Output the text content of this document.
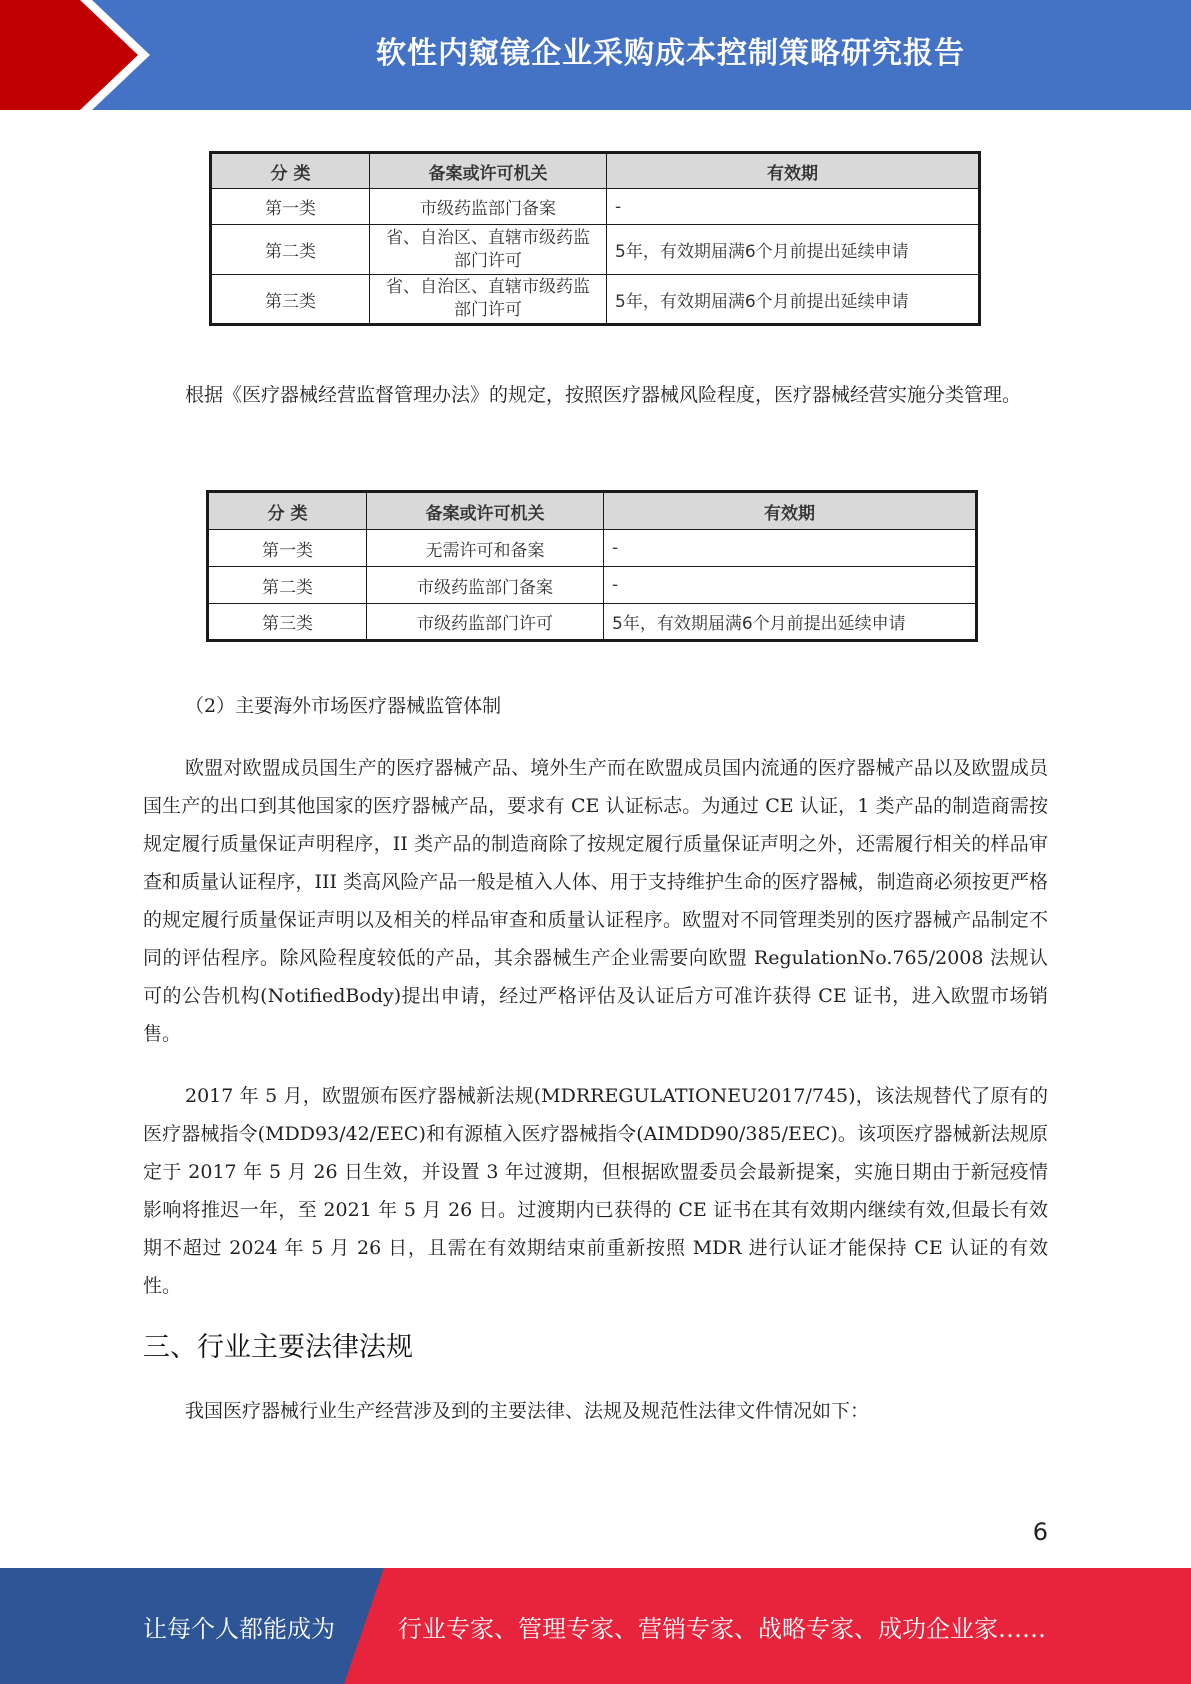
软性内窥镜企业采购成本控制策略研究报告
分 类	备案或许可机关	有效期
第一类	市级药监部门备案	-
第二类	省、自治区、直辖市级药监部门许可	5年，有效期届满6个月前提出延续申请
第三类	省、自治区、直辖市级药监部门许可	5年，有效期届满6个月前提出延续申请

根据《医疗器械经营监督管理办法》的规定，按照医疗器械风险程度，医疗器械经营实施分类管理。

分 类	备案或许可机关	有效期
第一类	无需许可和备案	-
第二类	市级药监部门备案	-
第三类	市级药监部门许可	5年，有效期届满6个月前提出延续申请

（2）主要海外市场医疗器械监管体制

欧盟对欧盟成员国生产的医疗器械产品、境外生产而在欧盟成员国内流通的医疗器械产品以及欧盟成员国生产的出口到其他国家的医疗器械产品，要求有 CE 认证标志。为通过 CE 认证，1 类产品的制造商需按规定履行质量保证声明程序，II 类产品的制造商除了按规定履行质量保证声明之外，还需履行相关的样品审查和质量认证程序，III 类高风险产品一般是植入人体、用于支持维护生命的医疗器械，制造商必须按更严格的规定履行质量保证声明以及相关的样品审查和质量认证程序。欧盟对不同管理类别的医疗器械产品制定不同的评估程序。除风险程度较低的产品，其余器械生产企业需要向欧盟 RegulationNo.765/2008 法规认可的公告机构(NotifiedBody)提出申请，经过严格评估及认证后方可准许获得 CE 证书，进入欧盟市场销售。

2017 年 5 月，欧盟颁布医疗器械新法规(MDRREGULATIONEU2017/745)，该法规替代了原有的医疗器械指令(MDD93/42/EEC)和有源植入医疗器械指令(AIMDD90/385/EEC)。该项医疗器械新法规原定于 2017 年 5 月 26 日生效，并设置 3 年过渡期，但根据欧盟委员会最新提案，实施日期由于新冠疫情影响将推迟一年，至 2021 年 5 月 26 日。过渡期内已获得的 CE 证书在其有效期内继续有效,但最长有效期不超过 2024 年 5 月 26 日，且需在有效期结束前重新按照 MDR 进行认证才能保持 CE 认证的有效性。

三、行业主要法律法规

我国医疗器械行业生产经营涉及到的主要法律、法规及规范性法律文件情况如下：

6
让每个人都能成为	行业专家、管理专家、营销专家、战略专家、成功企业家……
